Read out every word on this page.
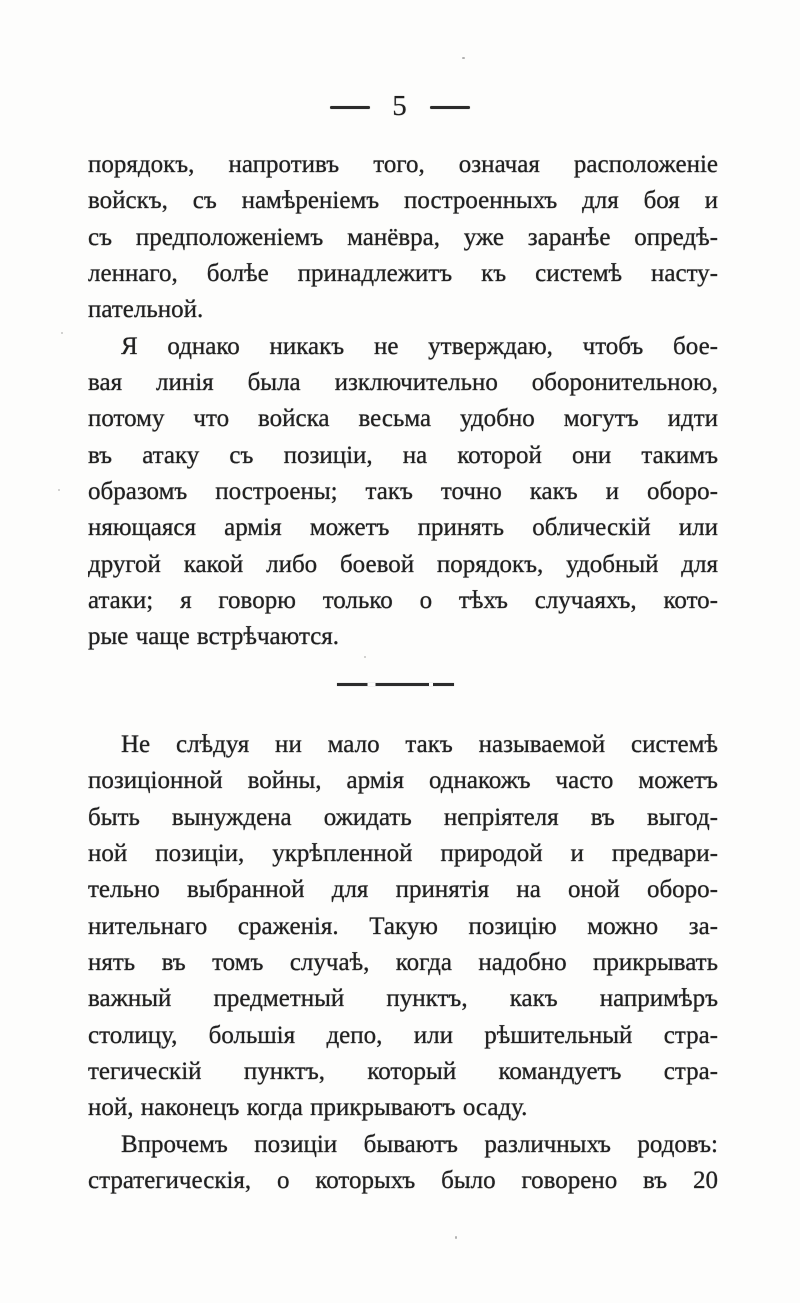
5
порядокъ, напротивъ того, означая расположеніе
войскъ, съ намѣреніемъ построенныхъ для боя и
съ предположеніемъ манёвра, уже заранѣе опредѣ-
леннаго, болѣе принадлежитъ къ системѣ насту-
пательной.
Я однако никакъ не утверждаю, чтобъ бое-
вая линія была изключительно оборонительною,
потому что войска весьма удобно могутъ идти
въ атаку съ позиціи, на которой они такимъ
образомъ построены; такъ точно какъ и оборо-
няющаяся армія можетъ принять облическій или
другой какой либо боевой порядокъ, удобный для
атаки; я говорю только о тѣхъ случаяхъ, кото-
рые чаще встрѣчаются.
Не слѣдуя ни мало такъ называемой системѣ
позиціонной войны, армія однакожъ часто можетъ
быть вынуждена ожидать непріятеля въ выгод-
ной позиціи, укрѣпленной природой и предвари-
тельно выбранной для принятія на оной оборо-
нительнаго сраженія. Такую позицію можно за-
нять въ томъ случаѣ, когда надобно прикрывать
важный предметный пунктъ, какъ напримѣръ
столицу, большія депо, или рѣшительный стра-
тегическій пунктъ, который командуетъ стра-
ной, наконецъ когда прикрываютъ осаду.
Впрочемъ позиціи бываютъ различныхъ родовъ:
стратегическія, о которыхъ было говорено въ 20
